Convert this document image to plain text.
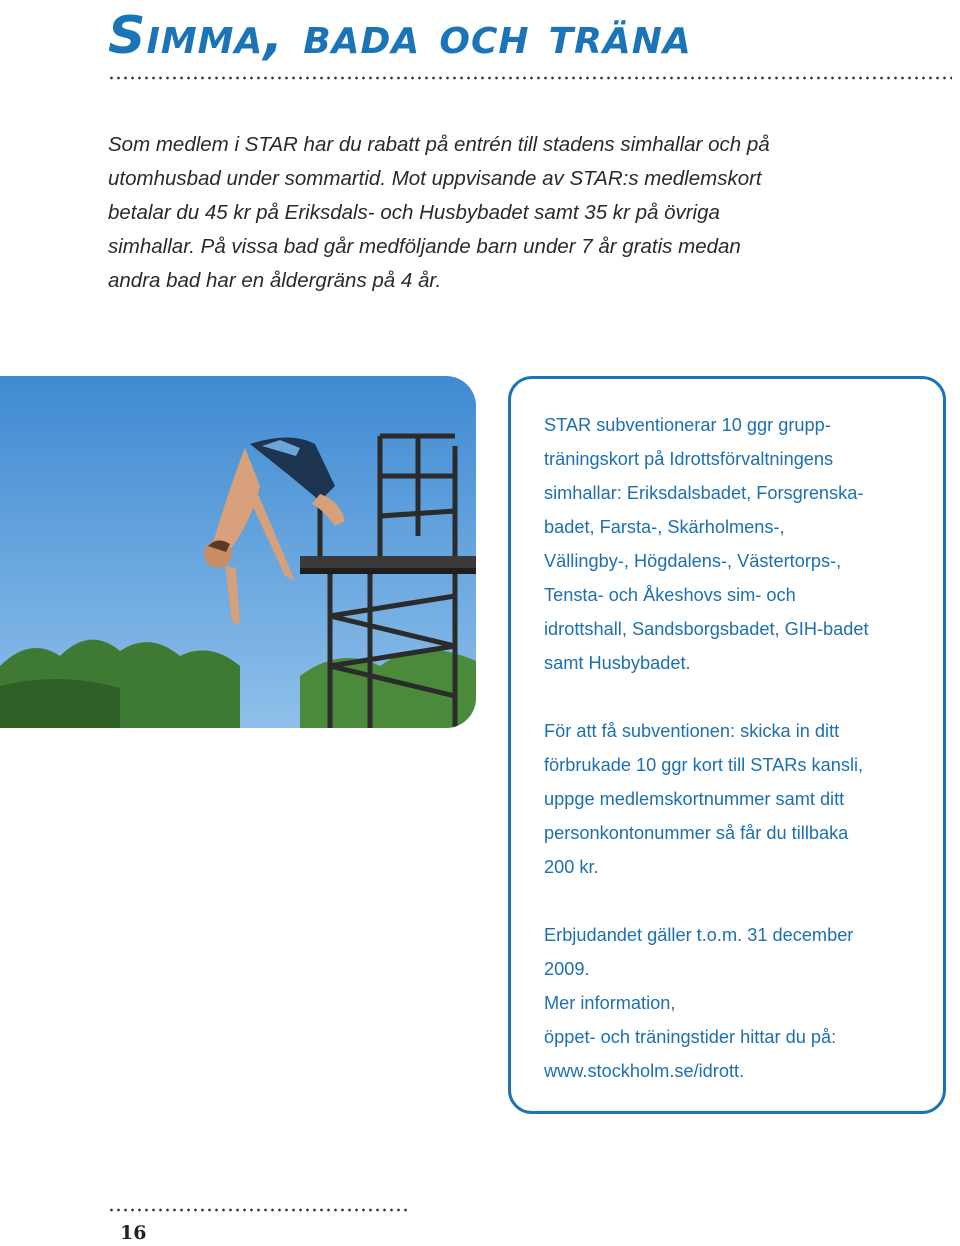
Simma, bada och träna

Som medlem i STAR har du rabatt på entrén till stadens simhallar och på
utomhusbad under sommartid. Mot uppvisande av STAR:s medlemskort
betalar du 45 kr på Eriksdals- och Husbybadet samt 35 kr på övriga
simhallar. På vissa bad går medföljande barn under 7 år gratis medan
andra bad har en åldergräns på 4 år.

STAR subventionerar 10 ggr grupp-
träningskort på Idrottsförvaltningens
simhallar: Eriksdalsbadet, Forsgrenska-
badet, Farsta-, Skärholmens-,
Vällingby-, Högdalens-, Västertorps-,
Tensta- och Åkeshovs sim- och
idrottshall, Sandsborgsbadet, GIH-badet
samt Husbybadet.

För att få subventionen: skicka in ditt
förbrukade 10 ggr kort till STARs kansli,
uppge medlemskortnummer samt ditt
personkontonummer så får du tillbaka
200 kr.

Erbjudandet gäller t.o.m. 31 december
2009.
Mer information,
öppet- och träningstider hittar du på:
www.stockholm.se/idrott.

16
